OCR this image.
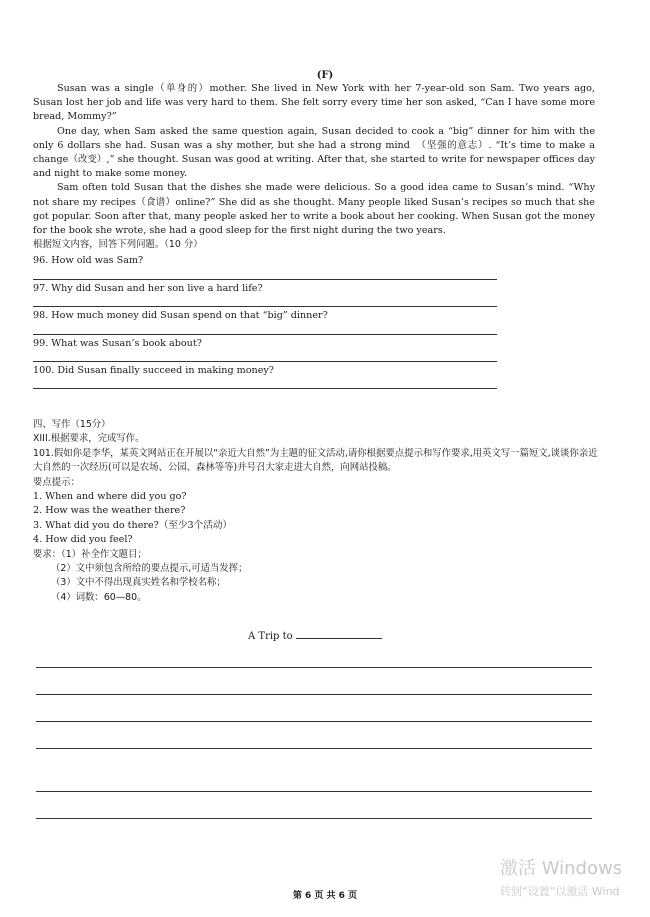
(F)

Susan was a single（单身的）mother. She lived in New York with her 7-year-old son Sam. Two years ago, Susan lost her job and life was very hard to them. She felt sorry every time her son asked, “Can I have some more bread, Mommy?”

One day, when Sam asked the same question again, Susan decided to cook a “big” dinner for him with the only 6 dollars she had. Susan was a shy mother, but she had a strong mind　（坚强的意志）. “It’s time to make a change（改变）,” she thought. Susan was good at writing. After that, she started to write for newspaper offices day and night to make some money.

Sam often told Susan that the dishes she made were delicious. So a good idea came to Susan’s mind. “Why not share my recipes（食谱）online?” She did as she thought. Many people liked Susan’s recipes so much that she got popular. Soon after that, many people asked her to write a book about her cooking. When Susan got the money for the book she wrote, she had a good sleep for the first night during the two years.

根据短文内容，回答下列问题。（10 分）

96. How old was Sam?
97. Why did Susan and her son live a hard life?
98. How much money did Susan spend on that “big” dinner?
99. What was Susan’s book about?
100. Did Susan finally succeed in making money?

四、写作（15分）

XIII.根据要求，完成写作。

101.假如你是李华，某英文网站正在开展以“亲近大自然”为主题的征文活动,请你根据要点提示和写作要求,用英文写一篇短文,谈谈你亲近大自然的一次经历(可以是农场、公园、森林等等)并号召大家走进大自然，向网站投稿。

要点提示：

1. When and where did you go?

2. How was the weather there?

3. What did you do there?（至少3个活动）

4. How did you feel?

要求：（1）补全作文题目；

（2）文中须包含所给的要点提示,可适当发挥；

（3）文中不得出现真实姓名和学校名称；

（4）词数：60—80。

A Trip to
激活 Windows
转到“设置”以激活 Wind
第 6 页 共 6 页
